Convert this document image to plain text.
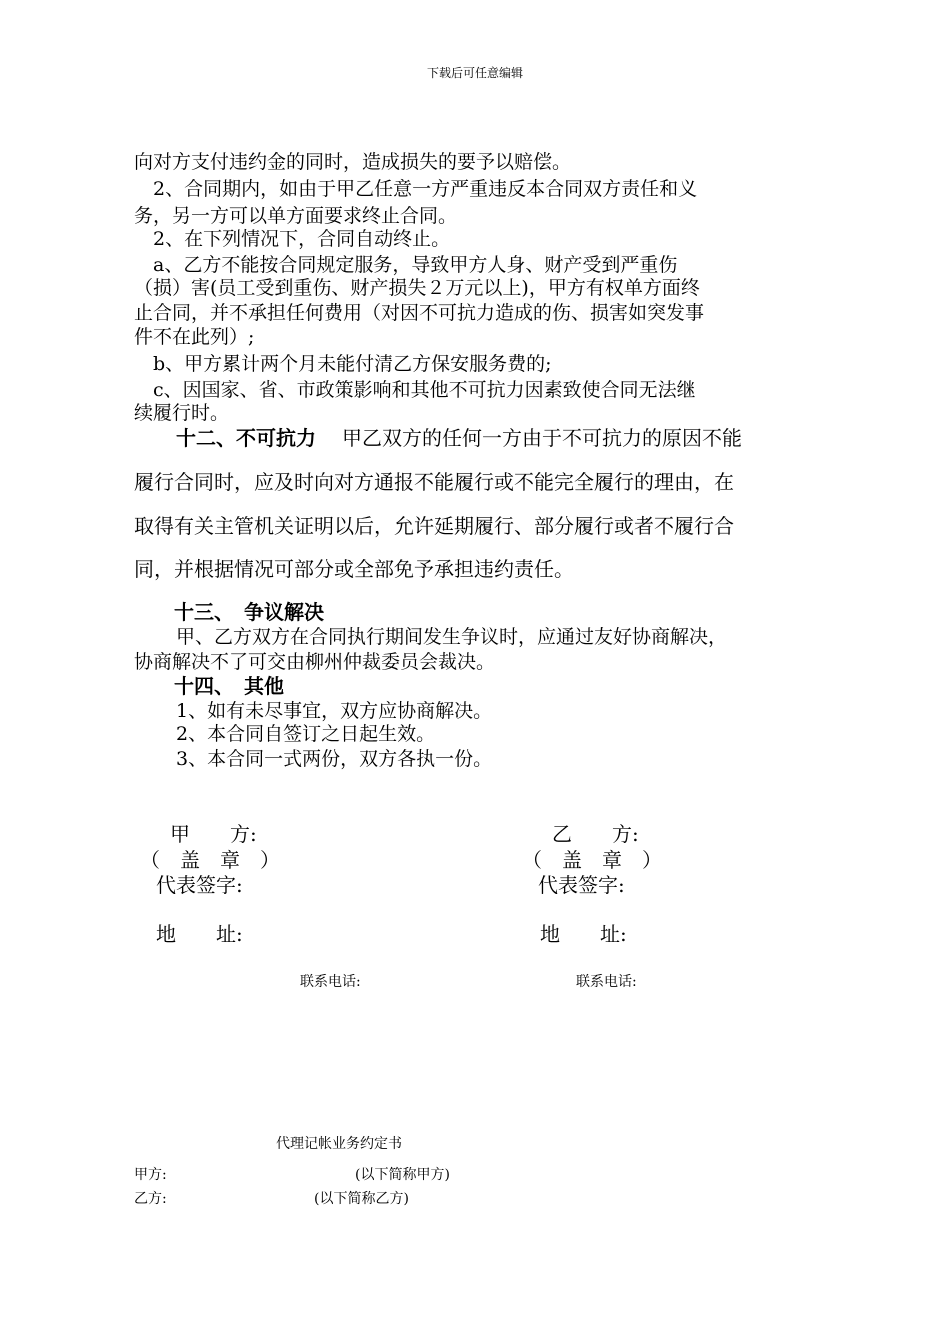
下载后可任意编辑
向对方支付违约金的同时，造成损失的要予以赔偿。
　2、合同期内，如由于甲乙任意一方严重违反本合同双方责任和义
务，另一方可以单方面要求终止合同。
　2、在下列情况下，合同自动终止。
　a、乙方不能按合同规定服务，导致甲方人身、财产受到严重伤
（损）害(员工受到重伤、财产损失２万元以上)，甲方有权单方面终
止合同，并不承担任何费用（对因不可抗力造成的伤、损害如突发事
件不在此列）;
　b、甲方累计两个月未能付清乙方保安服务费的;
　c、因国家、省、市政策影响和其他不可抗力因素致使合同无法继
续履行时。
十二、不可抗力 甲乙双方的任何一方由于不可抗力的原因不能
履行合同时，应及时向对方通报不能履行或不能完全履行的理由，在
取得有关主管机关证明以后，允许延期履行、部分履行或者不履行合
同，并根据情况可部分或全部免予承担违约责任。
十三、　争议解决
甲、乙方双方在合同执行期间发生争议时，应通过友好协商解决，
协商解决不了可交由柳州仲裁委员会裁决。
十四、　其他
1、如有未尽事宜，双方应协商解决。
2、本合同自签订之日起生效。
3、本合同一式两份，双方各执一份。
甲　　方:
（　盖　章　）
代表签字:
地　　址:
联系电话:
乙　　方:
（　盖　章　）
代表签字:
地　　址:
联系电话:
代理记帐业务约定书
甲方:	(以下简称甲方)
乙方:	(以下简称乙方)
